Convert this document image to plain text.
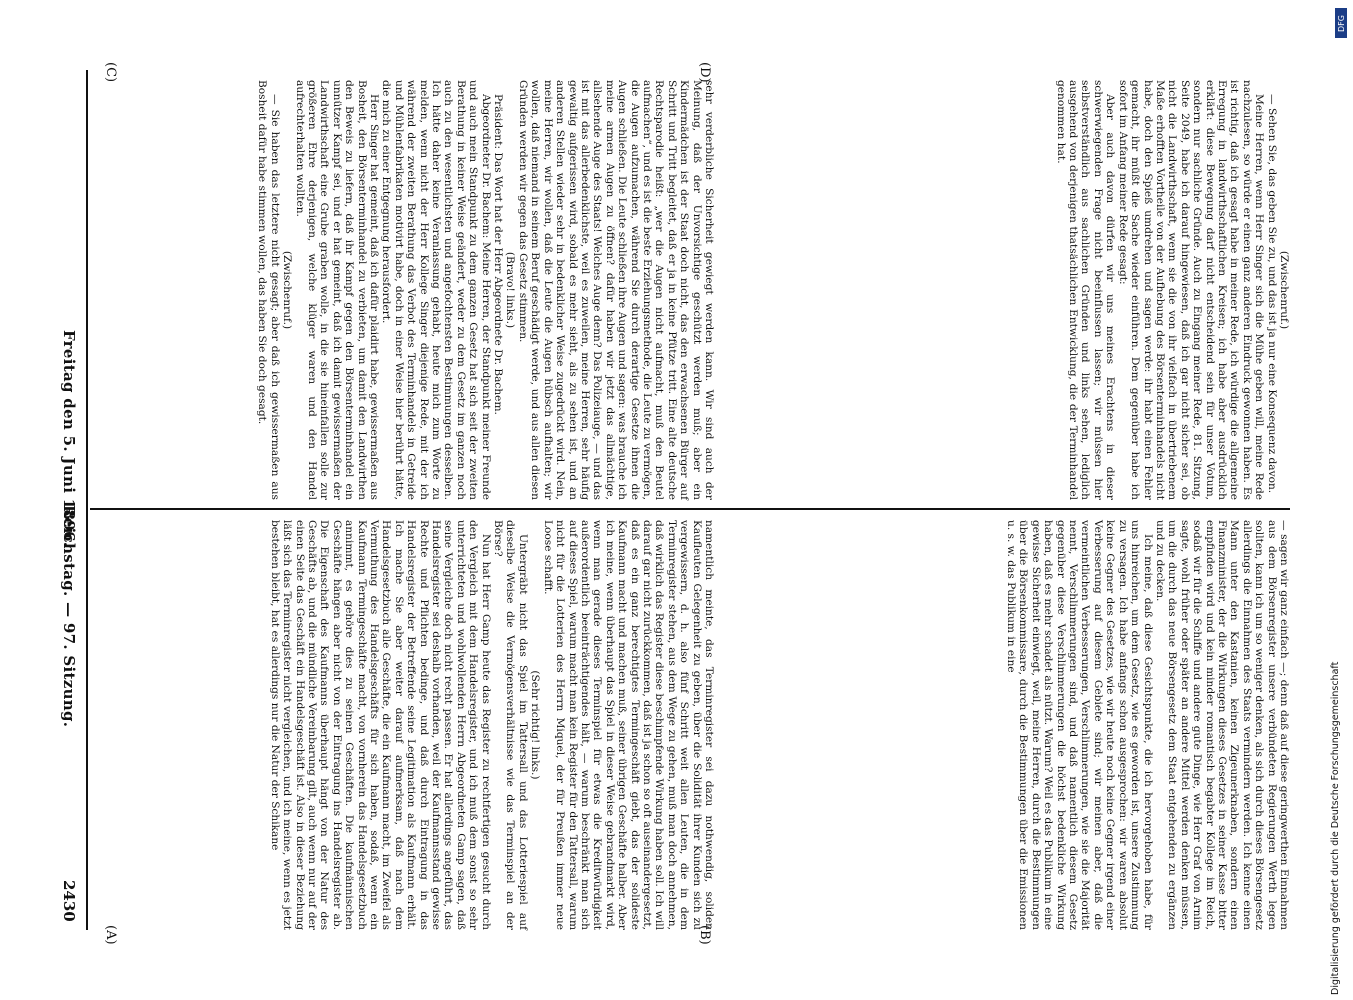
2430
Reichstag. — 97. Sitzung.
Freitag den 5. Juni 1896.
(A)	(B)
(C)	(D)

namentlich meinte, das Terminregister sei dazu nothwendig, soliden Kaufleuten Gelegenheit zu geben, über die Solidität ihrer Kunden sich zu vergewissern, d. h. also fünf Schritt weit allen Leuten, die in dem Terminregister stehen, aus dem Wege zu gehen, muß man doch annehmen, daß wirklich das Register diese beschimpfende Wirkung haben soll. Ich will darauf gar nicht zurückkommen, daß ist ja schon so oft auseinandergesetzt, daß es ein ganz berechtigtes Termingeschäft giebt, das der solideste Kaufmann macht und machen muß, seiner übrigen Geschäfte halber. Aber ich meine, wenn überhaupt das Spiel in dieser Weise gebrandmarkt wird, wenn man gerade dieses Terminspiel für etwas die Kreditwürdigkeit außerordentlich beeinträchtigendes hält, — warum beschränkt man sich auf dieses Spiel, warum macht man kein Register für den Tattersall, warum nicht für die Lotterien des Herrn Miquel, der für Preußen immer neue Loose schafft.

(Sehr richtig! links.)

Untergräbt nicht das Spiel im Tattersall und das Lotteriespiel auf dieselbe Weise die Vermögensverhältnisse wie das Terminspiel an der Börse?

Nun hat Herr Gamp heute das Register zu rechtfertigen gesucht durch den Vergleich mit dem Handelsregister, und ich muß dem sonst so sehr unterrichteten und wohlwollenden Herrn Abgeordneten Gamp sagen, daß seine Vergleiche doch nicht recht passen. Er hat allerdings angeführt, das Handelsregister sei deshalb vorhanden, weil der Kaufmannsstand gewisse Rechte und Pflichten bedinge, und daß durch Eintragung in das Handelsregister der Betreffende seine Legitimation als Kaufmann erhält. Ich mache Sie aber weiter darauf aufmerksam, daß nach dem Handelsgesetzbuch alle Geschäfte, die ein Kaufmann macht, im Zweifel als Vermuthung des Handelsgeschäfts für sich haben, sodaß, wenn ein Kaufmann Termingeschäfte macht, von vornherein das Handelsgesetzbuch annimmt, es gehöre dies zu seinen Geschäften. Die kaufmännischen Geschäfte hängen aber nicht von der Eintragung ins Handelsregister ab. Die Eigenschaft des Kaufmanns überhaupt hängt von der Natur des Geschäfts ab, und die mündliche Vereinbarung gilt, auch wenn nur auf der einen Seite das Geschäft ein Handelsgeschäft ist. Also in dieser Beziehung läßt sich das Terminregister nicht vergleichen, und ich meine, wenn es jetzt bestehen bleibt, hat es allerdings nur die Natur der Schikane	— sagen wir ganz einfach —; denn daß auf diese geringwerthen Einnahmen aus dem Börsenregister unsere verbündeten Regierungen Werth legen sollten, kann ich um so weniger denken, als sich durch dieses Börsengesetz allerdings die Einnahmen des Staats vermindern werden. Ich kenne einen Mann unter den Kastanien, keinen Zigeunerknaben, sondern einen Finanzminister, der die Wirkungen dieses Gesetzes in seiner Kasse bitter empfinden wird und kein minder romantisch begabter Kollege im Reich, sodaß wir für die Schiffe und andere gute Dinge, wie Herr Graf von Arnim sagte, wohl früher oder später an andere Mittel werden denken müssen, um die durch das neue Börsengesetz dem Staat entgehenden zu ergänzen und zu decken.

Ich meine, daß diese Gesichtspunkte, die ich hervorgehoben habe, für uns hinreichen, um dem Gesetz, wie es geworden ist, unsere Zustimmung zu versagen. Ich habe anfangs schon ausgesprochen: wir waren absolut keine Gegner des Gesetzes, wie wir heute noch keine Gegner irgend einer Verbesserung auf diesem Gebiete sind; wir meinen aber, daß die vermeintlichen Verbesserungen, Verschlimmerungen, wie sie die Majorität nennt, Verschlimmerungen sind, und daß namentlich diesem Gesetz gegenüber diese Verschlimmerungen die höchst bedenkliche Wirkung haben, daß es mehr schadet als nützt. Warum? Weil es das Publikum in eine gewisse Sicherheit einwiegt, weil, meine Herren, durch die Bestimmungen über die Börsenkommissare, durch die Bestimmungen über die Emissionen u. s. w. das Publikum in eine

sehr verderbliche Sicherheit gewiegt werden kann. Wir sind auch der Meinung, daß der Unvorsichtige geschützt werden muß; aber ein Kindermädchen ist der Staat doch nicht, das den erwachsenen Bürger auf Schritt und Tritt begleitet, daß er ja in keine Pfütze tritt. Eine alte deutsche Rechtsparodie heißt: „wer die Augen nicht aufmacht, muß den Beutel aufmachen“, und es ist die beste Erziehungsmethode, die Leute zu vermögen, die Augen aufzumachen, während Sie durch derartige Gesetze ihnen die Augen schließen. Die Leute schließen ihre Augen und sagen: was brauche ich meine armen Augen zu öffnen? dafür haben wir jetzt das allmächtige, allsehende Auge des Staats! Welches Auge denn? Das Polizeiauge, — und das ist mit das allerbedenklichste, weil es zuweilen, meine Herren, sehr häufig gewaltig aufgerissen wird, sobald es mehr sieht, als zu sehen ist, und an anderen Stellen wieder sehr in bedenklicher Weise zugedrückt wird. Nein, meine Herren, wir wollen, daß die Leute die Augen hübsch aufhalten; wir wollen, daß niemand in seinem Beruf geschädigt werde, und aus allen diesen Gründen werden wir gegen das Gesetz stimmen.

(Bravo! links.)

Präsident: Das Wort hat der Herr Abgeordnete Dr. Bachem.

Abgeordneter Dr. Bachem: Meine Herren, der Standpunkt meiner Freunde und auch mein Standpunkt zu dem ganzen Gesetz hat sich seit der zweiten Berathung in keiner Weise geändert, weder zu dem Gesetz im ganzen noch auch zu den wesentlichsten und angefochtensten Bestimmungen desselben. Ich hätte daher keine Veranlassung gehabt, heute mich zum Worte zu melden, wenn nicht der Herr Kollege Singer diejenige Rede, mit der ich während der zweiten Berathung das Verbot des Terminhandels in Getreide und Mühlenfabrikaten motivirt habe, doch in einer Weise hier berührt hätte, die mich zu einer Entgegnung herausfordert.

Herr Singer hat gemeint, daß ich dafür plaidirt habe, gewissermaßen aus Bosheit, den Börsenterminhandel zu verbieten, um damit den Landwirthen den Beweis zu liefern, daß ihr Kampf gegen den Börsenterminhandel ein unnützer Kampf sei, und er hat gemeint, daß ich damit gewissermaßen der Landwirthschaft eine Grube graben wolle, in die sie hineinfallen solle zur größeren Ehre derjenigen, welche klüger waren und den Handel aufrechterhalten wollten.

(Zwischenruf.)

— Sie haben das letztere nicht gesagt; aber daß ich gewissermaßen aus Bosheit dafür habe stimmen wollen, das haben Sie doch gesagt.	(Zwischenruf.)

— Sehen Sie, das geben Sie zu, und das ist ja nur eine Konsequenz davon.

Meine Herren, wenn Herr Singer sich die Mühe geben will, meine Rede nachzulesen, so würde er einen ganz anderen Eindruck gewonnen haben. Es ist richtig, daß ich gesagt habe in meiner Rede, ich würdige die allgemeine Erregung in landwirthschaftlichen Kreisen; ich habe aber ausdrücklich erklärt: diese Bewegung darf nicht entscheidend sein für unser Votum, sondern nur sachliche Gründe. Auch zu Eingang meiner Rede, 81. Sitzung, Seite 2049, habe ich darauf hingewiesen, daß ich gar nicht sicher sei, ob nicht die Landwirthschaft, wenn sie die von ihr vielfach in übertriebenem Maße erhofften Vortheile von der Aufhebung des Börsenterminhandels nicht habe, doch den Spieß umdrehen und sagen werde: ihr habt einen Fehler gemacht, ihr müßt die Sache wieder einführen. Dem gegenüber habe ich sofort im Anfang meiner Rede gesagt:

Aber auch davon dürfen wir uns meines Erachtens in dieser schwerwiegenden Frage nicht beeinflussen lassen; wir müssen hier selbstverständlich aus sachlichen Gründen und links sehen, lediglich ausgehend von derjenigen thatsächlichen Entwicklung, die der Terminhandel genommen hat.

Digitalisierung gefördert durch die Deutsche Forschungsgemeinschaft
DFG
